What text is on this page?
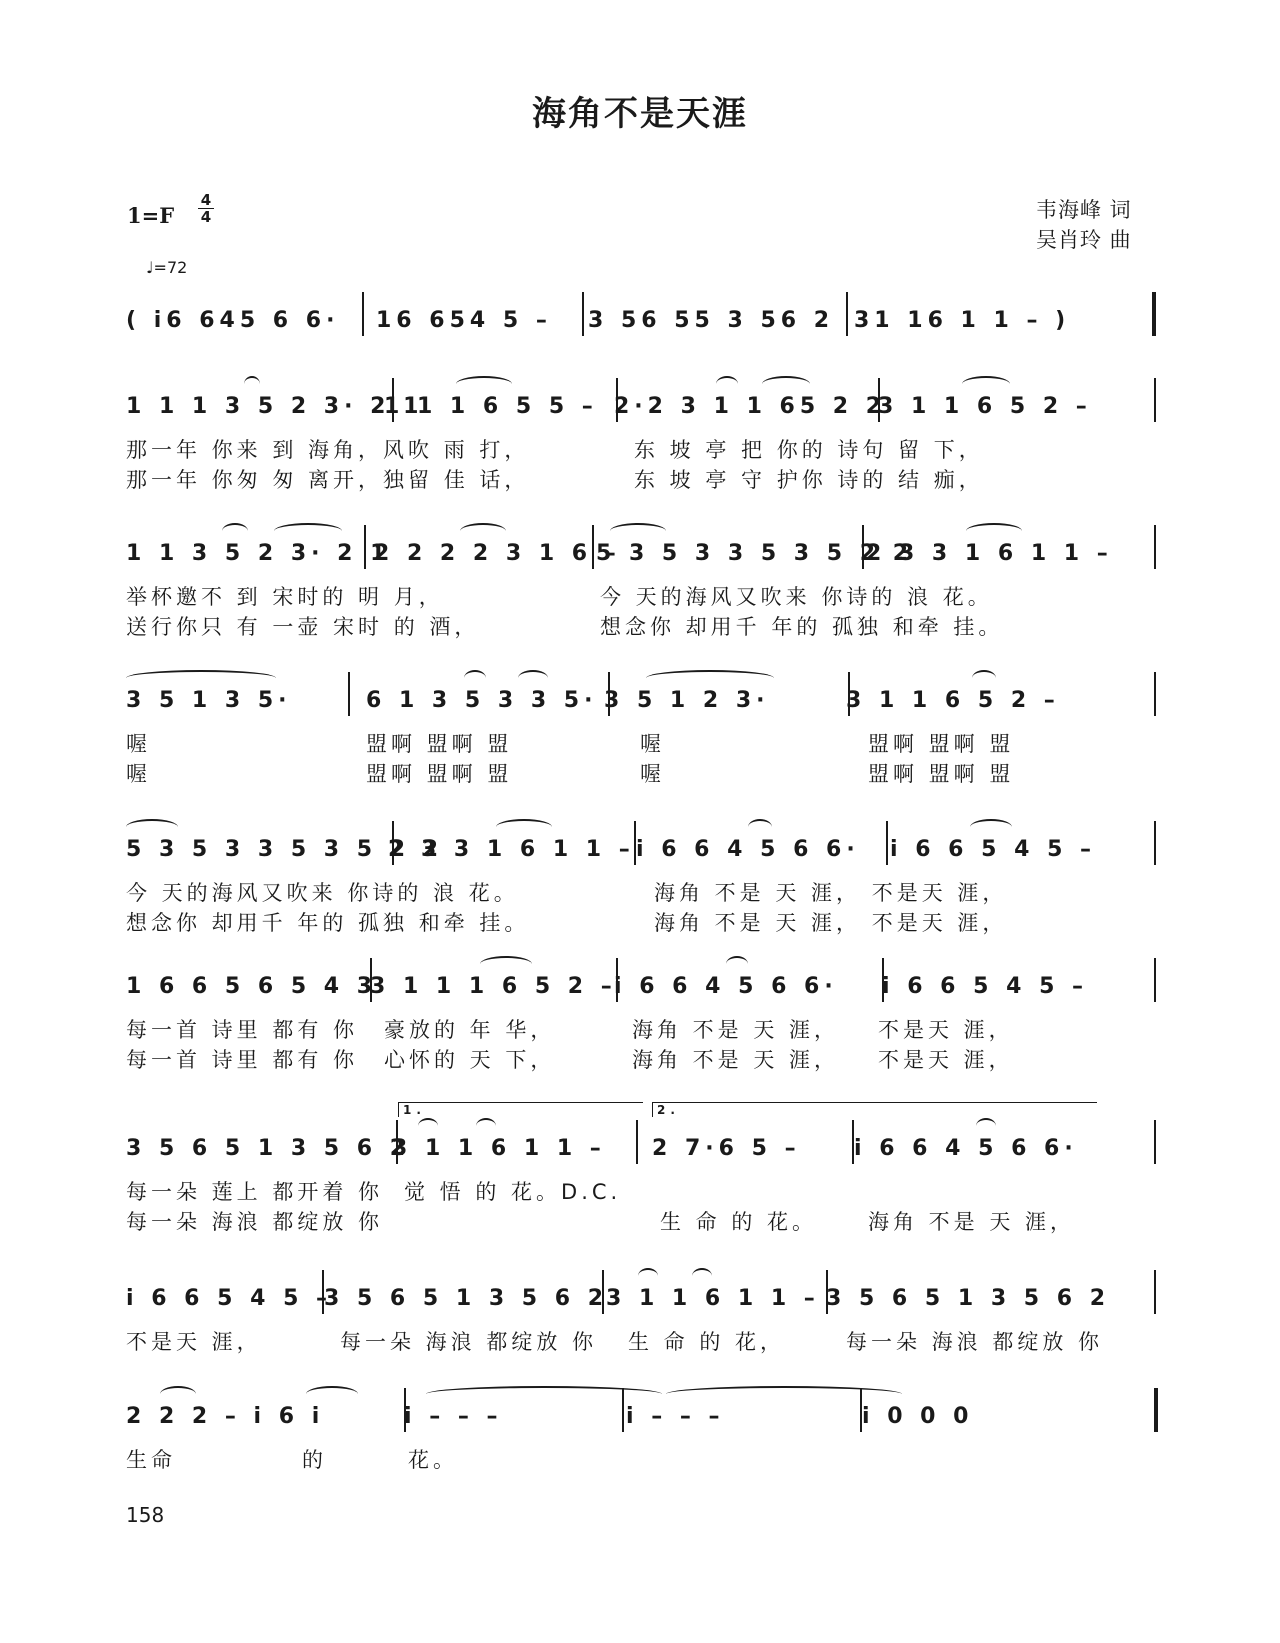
海角不是天涯
1=F
4
4
♩=72
韦海峰 词
吴肖玲 曲
( i6 645 6 6· 16 654 5 – 3 56 55 3 56 2 31 16 1 1 – )
1 1 1 3 5 2 3· 2 1
1 1 1 6 5 5 – 2·2 3 1 1 65 2 2
3 1 1 6 5 2 –
那一年 你来 到 海角，风吹 雨 打，	东 坡 亭 把 你的 诗句 留 下，
那一年 你匆 匆 离开，独留 佳 话，	东 坡 亭 守 护你 诗的 结 痂，
1 1 3 5 2 3· 2 1
2 2 2 2 3 1 6 –
5 3 5 3 3 5 3 5 2 2
2 3 3 1 6 1 1 –
举杯邀不 到 宋时的 明 月，	今 天的海风又吹来 你诗的 浪 花。
送行你只 有 一壶 宋时 的 酒，	想念你 却用千 年的 孤独 和牵 挂。
3 5 1 3 5·	6 1 3 5 3 3 5· 3 5 1 2 3·	3 1 1 6 5 2 –
喔	盟啊 盟啊 盟	喔	盟啊 盟啊 盟
喔	盟啊 盟啊 盟	喔	盟啊 盟啊 盟
5 3 5 3 3 5 3 5 2 2
2 3 3 1 6 1 1 – i 6 6 4 5 6 6· i 6 6 5 4 5 –
今 天的海风又吹来 你诗的 浪 花。	海角 不是 天 涯， 不是天 涯，
想念你 却用千 年的 孤独 和牵 挂。	海角 不是 天 涯， 不是天 涯，
1 6 6 5 6 5 4 3
3 1 1 1 6 5 2 –
i 6 6 4 5 6 6· i 6 6 5 4 5 –
每一首 诗里 都有 你 豪放的 年 华，	海角 不是 天 涯， 不是天 涯，
每一首 诗里 都有 你 心怀的 天 下，	海角 不是 天 涯， 不是天 涯，
3 5 6 5 1 3 5 6 2
3 1 1 6 1 1 – 2 7·6 5 – i 6 6 4 5 6 6·
1.	2.
每一朵 莲上 都开着 你 觉 悟 的 花。D.C.
每一朵 海浪 都绽放 你	生 命 的 花。 海角 不是 天 涯，
i 6 6 5 4 5 –
3 5 6 5 1 3 5 6 2
3 1 1 6 1 1 – 3 5 6 5 1 3 5 6 2
不是天 涯，	每一朵 海浪 都绽放 你 生 命 的 花，	每一朵 海浪 都绽放 你
2 2 2 – i 6 i	i – – –	i – – –	i 0 0 0
生命	的	花。
158
